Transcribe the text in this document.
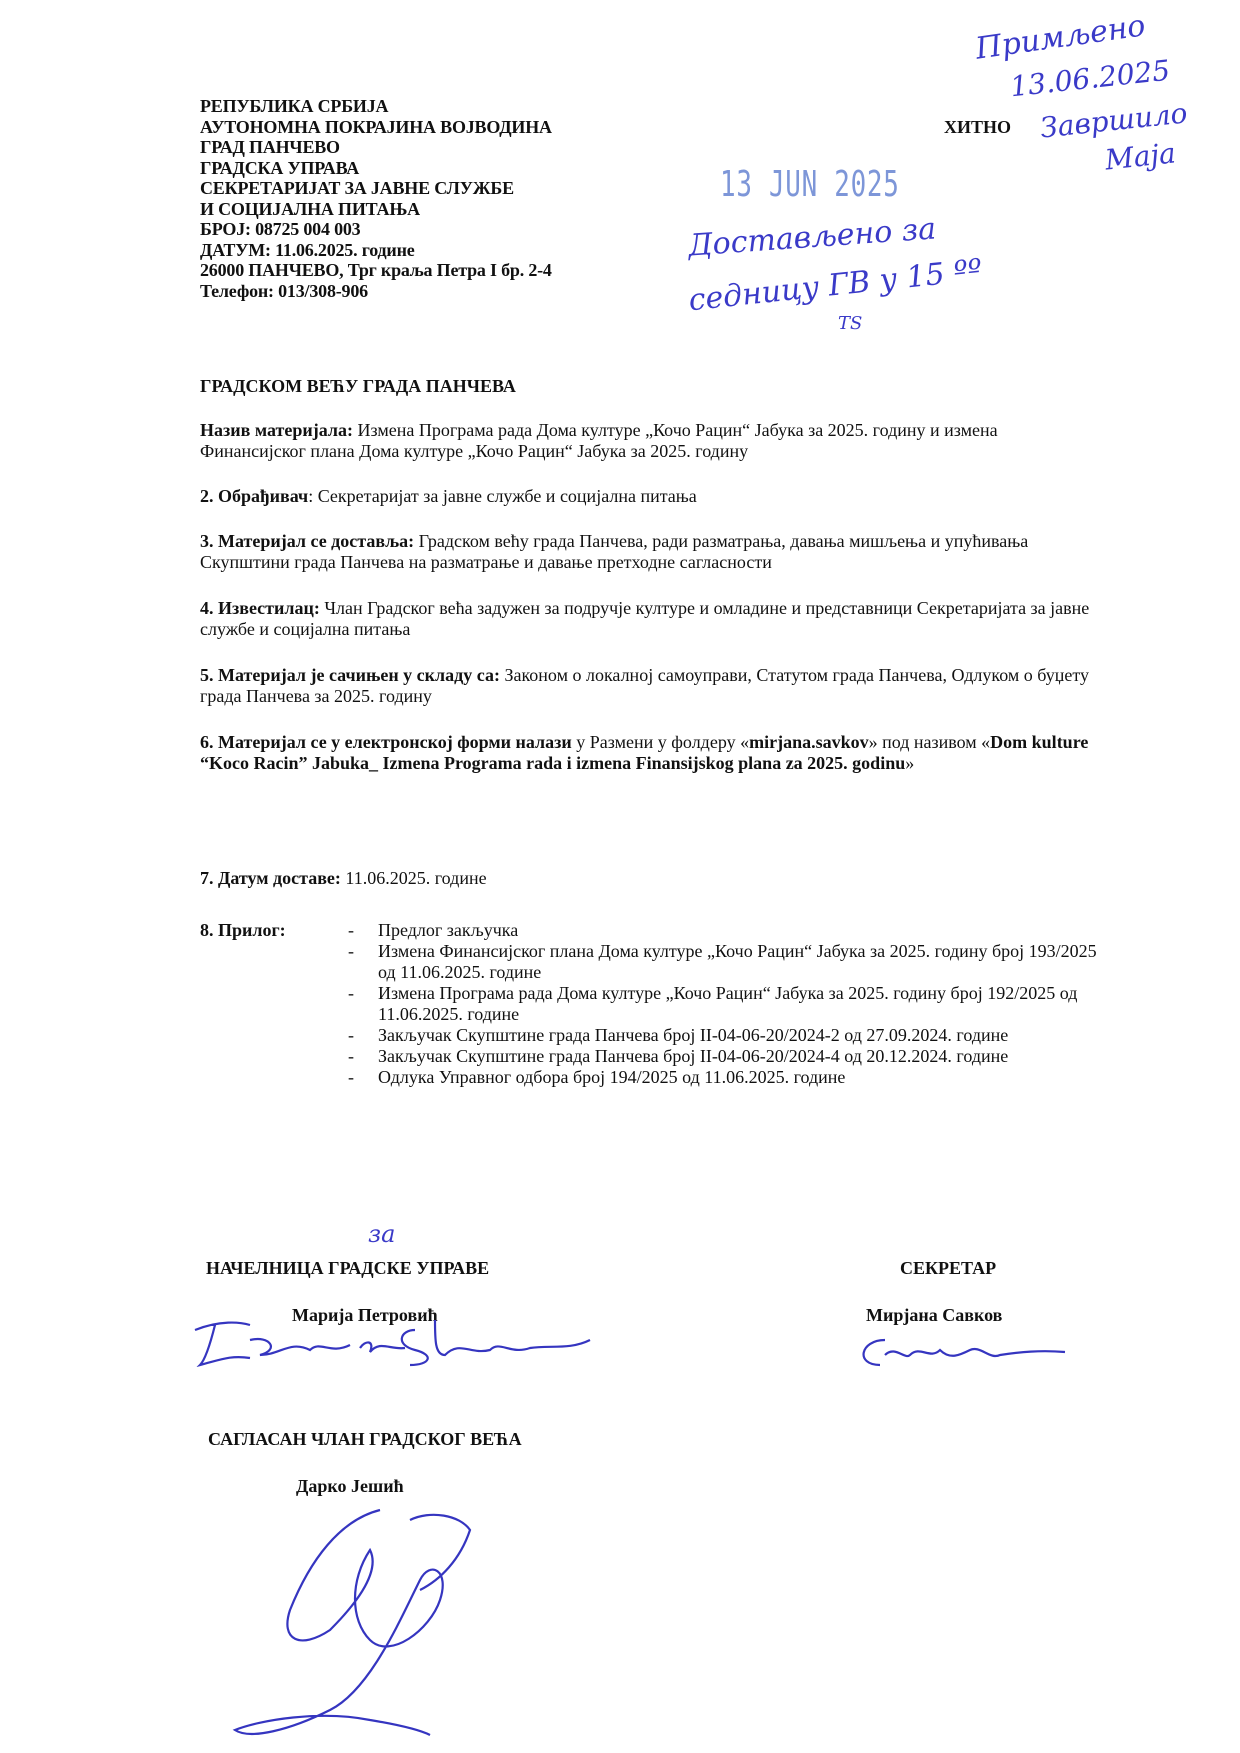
РЕПУБЛИКА СРБИЈА
АУТОНОМНА ПОКРАЈИНА ВОЈВОДИНА
ГРАД ПАНЧЕВО
ГРАДСКА УПРАВА
СЕКРЕТАРИЈАТ ЗА ЈАВНЕ СЛУЖБЕ
И СОЦИЈАЛНА ПИТАЊА
БРОЈ: 08725 004 003
ДАТУМ: 11.06.2025. године
26000 ПАНЧЕВО, Трг краља Петра I бр. 2-4
Телефон: 013/308-906
ХИТНО
13 JUN 2025
Примљено
13.06.2025
Завршило
Маја
Достављено за
седницу ГВ у 15 ºº
ТЅ
ГРАДСКОМ ВЕЋУ ГРАДА ПАНЧЕВА
Назив материјала: Измена Програма рада Дома културе „Кочо Рацин“ Јабука за 2025. годину и измена Финансијског плана Дома културе „Кочо Рацин“ Јабука за 2025. годину
2. Обрађивач: Секретаријат за јавне службе и социјална питања
3. Материјал се доставља: Градском већу града Панчева, ради разматрања, давања мишљења и упућивања Скупштини града Панчева на разматрање и давање претходне сагласности
4. Известилац: Члан Градског већа задужен за подручје културе и омладине и представници Секретаријата за јавне службе и социјална питања
5. Материјал је сачињен у складу са: Законом о локалној самоуправи, Статутом града Панчева, Одлуком о буџету града Панчева за 2025. годину
6. Материјал се у електронској форми налази у Размени у фолдеру «mirjana.savkov» под називом «Dom kulture “Koco Racin” Jabuka_ Izmena Programa rada i izmena Finansijskog plana za 2025. godinu»
7. Датум доставе: 11.06.2025. године
8. Прилог:	- Предлог закључка
- Измена Финансијског плана Дома културе „Кочо Рацин“ Јабука за 2025. годину број 193/2025 од 11.06.2025. године
- Измена Програма рада Дома културе „Кочо Рацин“ Јабука за 2025. годину број 192/2025 од 11.06.2025. године
- Закључак Скупштине града Панчева број II-04-06-20/2024-2 од 27.09.2024. године
- Закључак Скупштине града Панчева број II-04-06-20/2024-4 од 20.12.2024. године
- Одлука Управног одбора број 194/2025 од 11.06.2025. године
за
НАЧЕЛНИЦА ГРАДСКЕ УПРАВЕ
Марија Петровић
СЕКРЕТАР
Мирјана Савков
САГЛАСАН ЧЛАН ГРАДСКОГ ВЕЋА
Дарко Јешић
